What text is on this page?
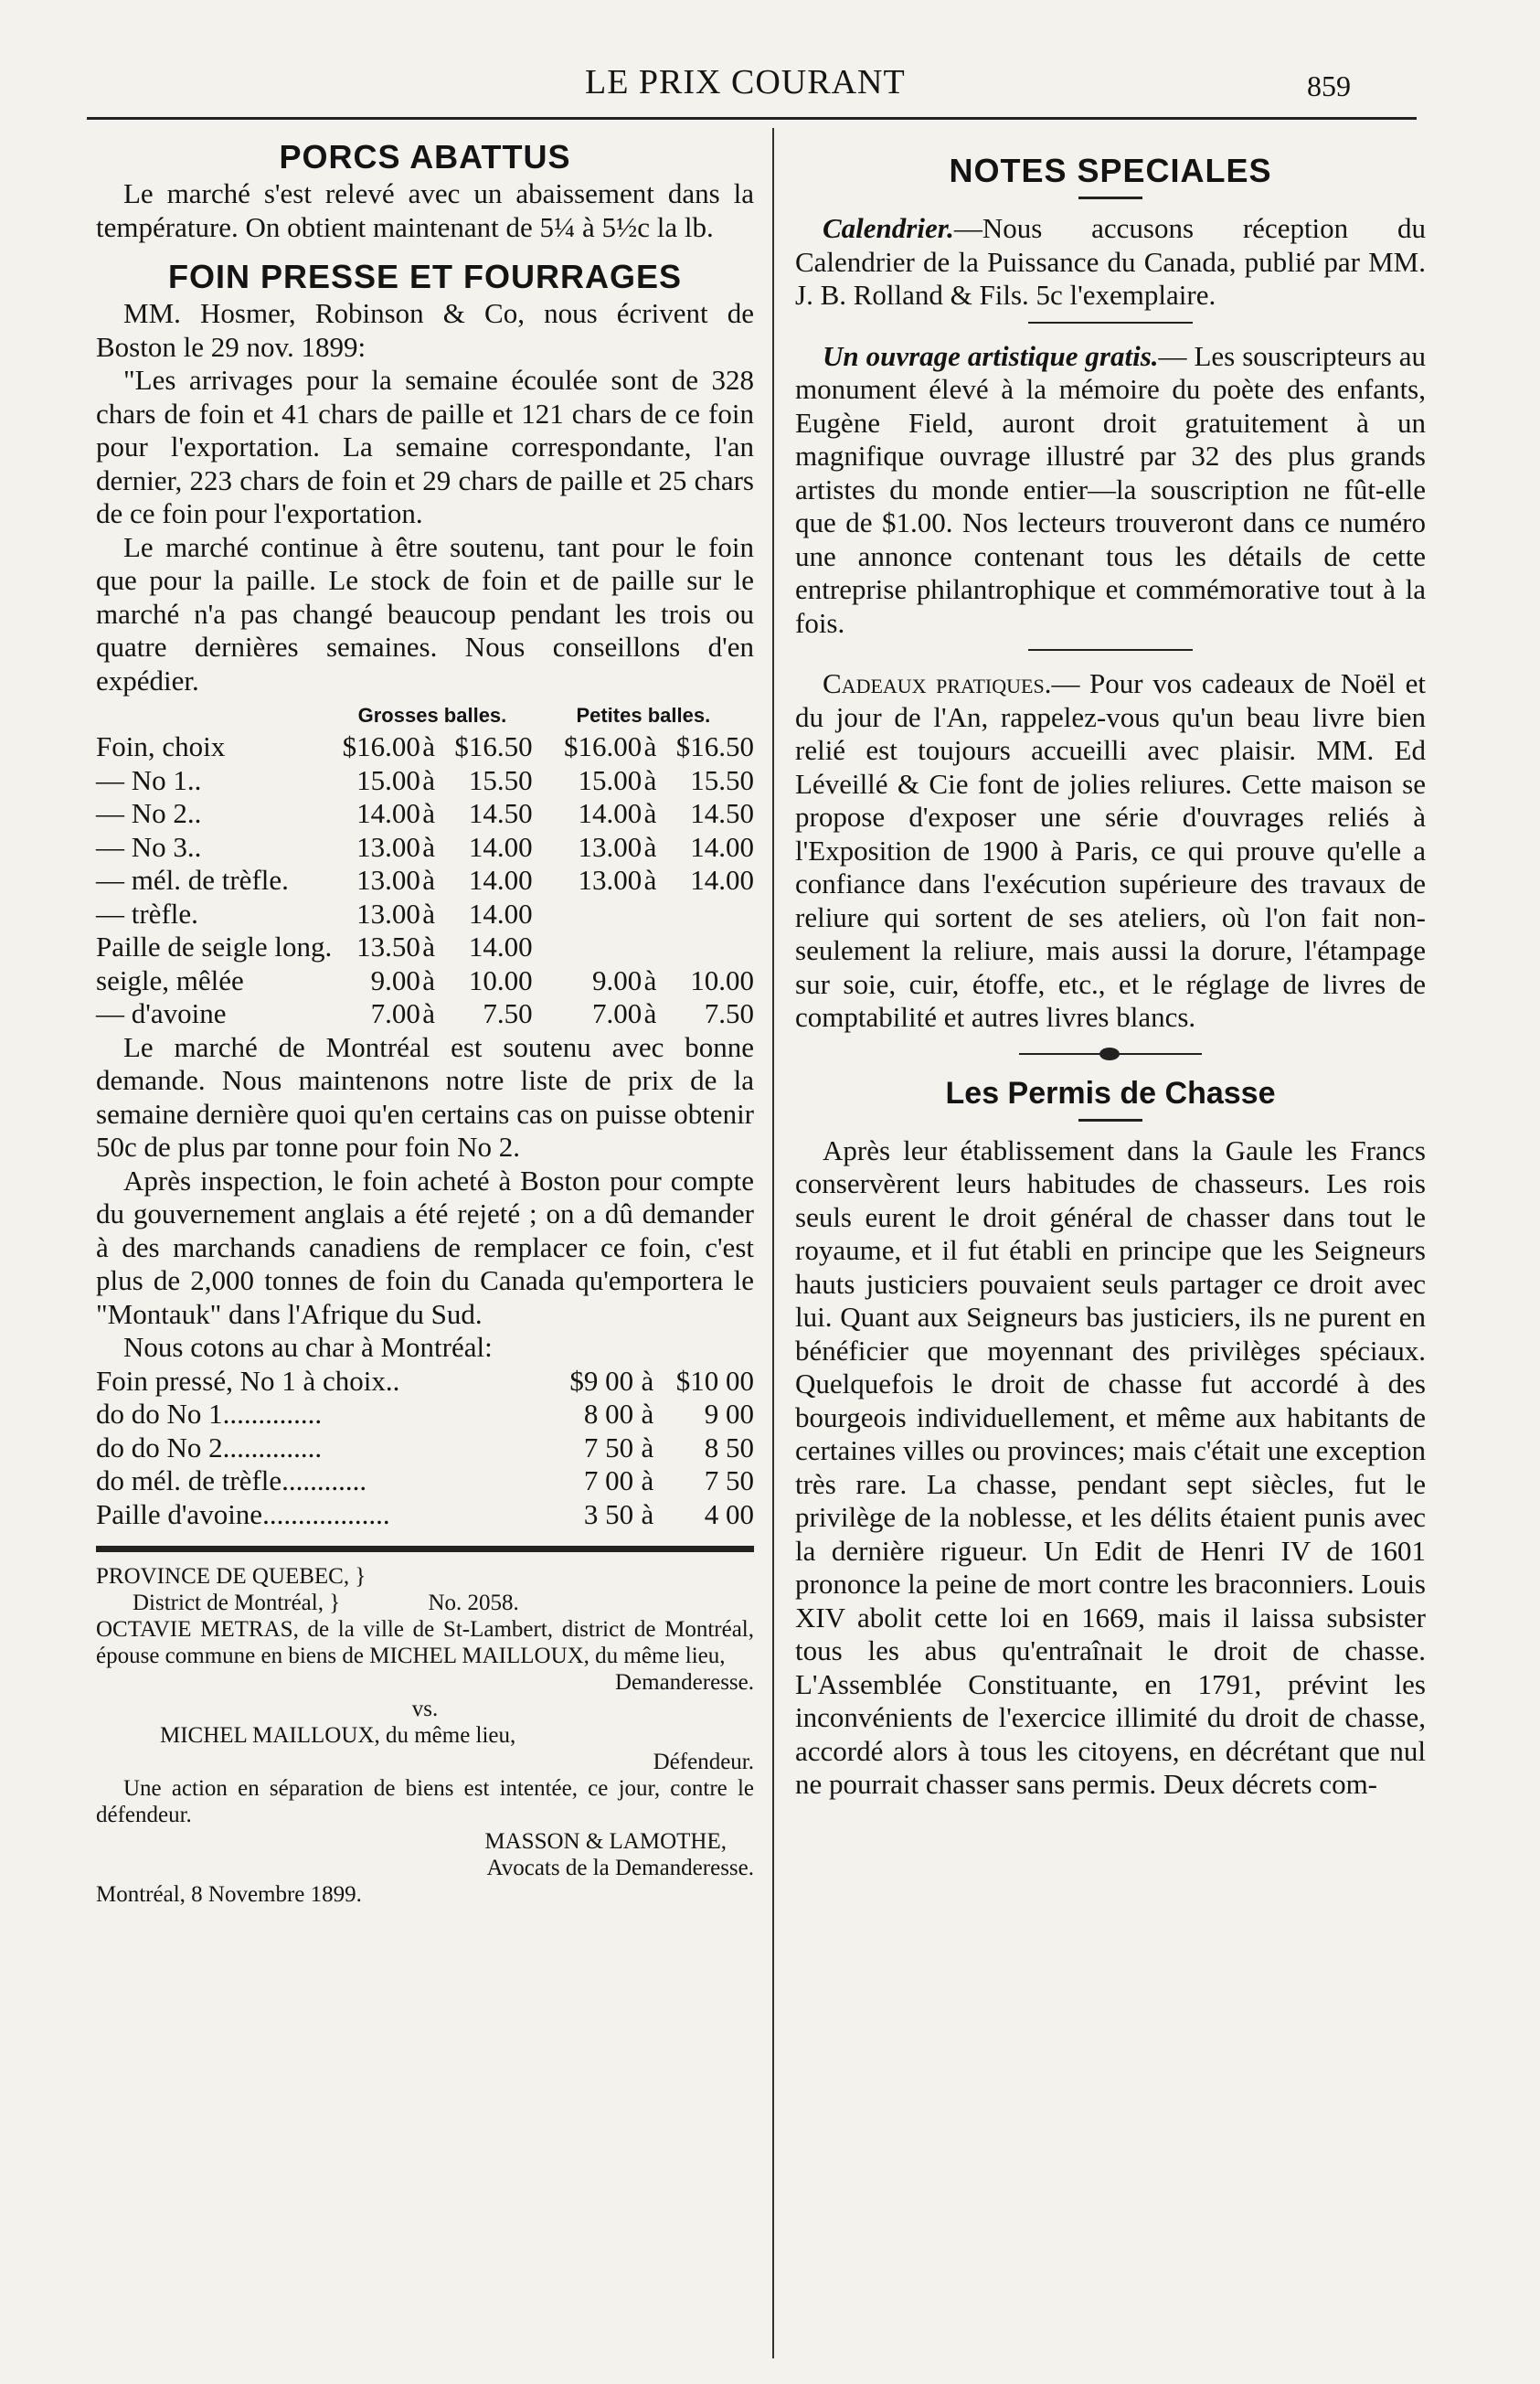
LE PRIX COURANT	859
PORCS ABATTUS

Le marché s'est relevé avec un abaissement dans la température. On obtient maintenant de 5¼ à 5½c la lb.

FOIN PRESSE ET FOURRAGES

MM. Hosmer, Robinson & Co, nous écrivent de Boston le 29 nov. 1899:

"Les arrivages pour la semaine écoulée sont de 328 chars de foin et 41 chars de paille et 121 chars de ce foin pour l'exportation. La semaine correspondante, l'an dernier, 223 chars de foin et 29 chars de paille et 25 chars de ce foin pour l'exportation.

Le marché continue à être soutenu, tant pour le foin que pour la paille. Le stock de foin et de paille sur le marché n'a pas changé beaucoup pendant les trois ou quatre dernières semaines. Nous conseillons d'en expédier.

	Grosses balles.			Petites balles.		
Foin, choix	$16.00	à	$16.50	$16.00	à	$16.50
— No 1..	15.00	à	15.50	15.00	à	15.50
— No 2..	14.00	à	14.50	14.00	à	14.50
— No 3..	13.00	à	14.00	13.00	à	14.00
— mél. de trèfle.	13.00	à	14.00	13.00	à	14.00
— trèfle.	13.00	à	14.00			
Paille de seigle long.	13.50	à	14.00			
seigle, mêlée	9.00	à	10.00	9.00	à	10.00
— d'avoine	7.00	à	7.50	7.00	à	7.50

Le marché de Montréal est soutenu avec bonne demande. Nous maintenons notre liste de prix de la semaine dernière quoi qu'en certains cas on puisse obtenir 50c de plus par tonne pour foin No 2.

Après inspection, le foin acheté à Boston pour compte du gouvernement anglais a été rejeté ; on a dû demander à des marchands canadiens de remplacer ce foin, c'est plus de 2,000 tonnes de foin du Canada qu'emportera le "Montauk" dans l'Afrique du Sud.

Nous cotons au char à Montréal:

Foin pressé, No 1 à choix..	$9 00	à	$10 00
do do No 1..............	8 00	à	9 00
do do No 2..............	7 50	à	8 50
do mél. de trèfle............	7 00	à	7 50
Paille d'avoine..................	3 50	à	4 00

PROVINCE DE QUEBEC, }

District de Montréal, }	No. 2058.

OCTAVIE METRAS, de la ville de St-Lambert, district de Montréal, épouse commune en biens de MICHEL MAILLOUX, du même lieu,

Demanderesse.

vs.

MICHEL MAILLOUX, du même lieu,

Défendeur.

Une action en séparation de biens est intentée, ce jour, contre le défendeur.

MASSON & LAMOTHE,

Avocats de la Demanderesse.

Montréal, 8 Novembre 1899.

NOTES SPECIALES

Calendrier.—Nous accusons réception du Calendrier de la Puissance du Canada, publié par MM. J. B. Rolland & Fils. 5c l'exemplaire.

Un ouvrage artistique gratis.— Les souscripteurs au monument élevé à la mémoire du poète des enfants, Eugène Field, auront droit gratuitement à un magnifique ouvrage illustré par 32 des plus grands artistes du monde entier—la souscription ne fût-elle que de $1.00. Nos lecteurs trouveront dans ce numéro une annonce contenant tous les détails de cette entreprise philantrophique et commémorative tout à la fois.

Cadeaux pratiques.— Pour vos cadeaux de Noël et du jour de l'An, rappelez-vous qu'un beau livre bien relié est toujours accueilli avec plaisir. MM. Ed Léveillé & Cie font de jolies reliures. Cette maison se propose d'exposer une série d'ouvrages reliés à l'Exposition de 1900 à Paris, ce qui prouve qu'elle a confiance dans l'exécution supérieure des travaux de reliure qui sortent de ses ateliers, où l'on fait non-seulement la reliure, mais aussi la dorure, l'étampage sur soie, cuir, étoffe, etc., et le réglage de livres de comptabilité et autres livres blancs.

Les Permis de Chasse

Après leur établissement dans la Gaule les Francs conservèrent leurs habitudes de chasseurs. Les rois seuls eurent le droit général de chasser dans tout le royaume, et il fut établi en principe que les Seigneurs hauts justiciers pouvaient seuls partager ce droit avec lui. Quant aux Seigneurs bas justiciers, ils ne purent en bénéficier que moyennant des privilèges spéciaux. Quelquefois le droit de chasse fut accordé à des bourgeois individuellement, et même aux habitants de certaines villes ou provinces; mais c'était une exception très rare. La chasse, pendant sept siècles, fut le privilège de la noblesse, et les délits étaient punis avec la dernière rigueur. Un Edit de Henri IV de 1601 prononce la peine de mort contre les braconniers. Louis XIV abolit cette loi en 1669, mais il laissa subsister tous les abus qu'entraînait le droit de chasse. L'Assemblée Constituante, en 1791, prévint les inconvénients de l'exercice illimité du droit de chasse, accordé alors à tous les citoyens, en décrétant que nul ne pourrait chasser sans permis. Deux décrets com-
